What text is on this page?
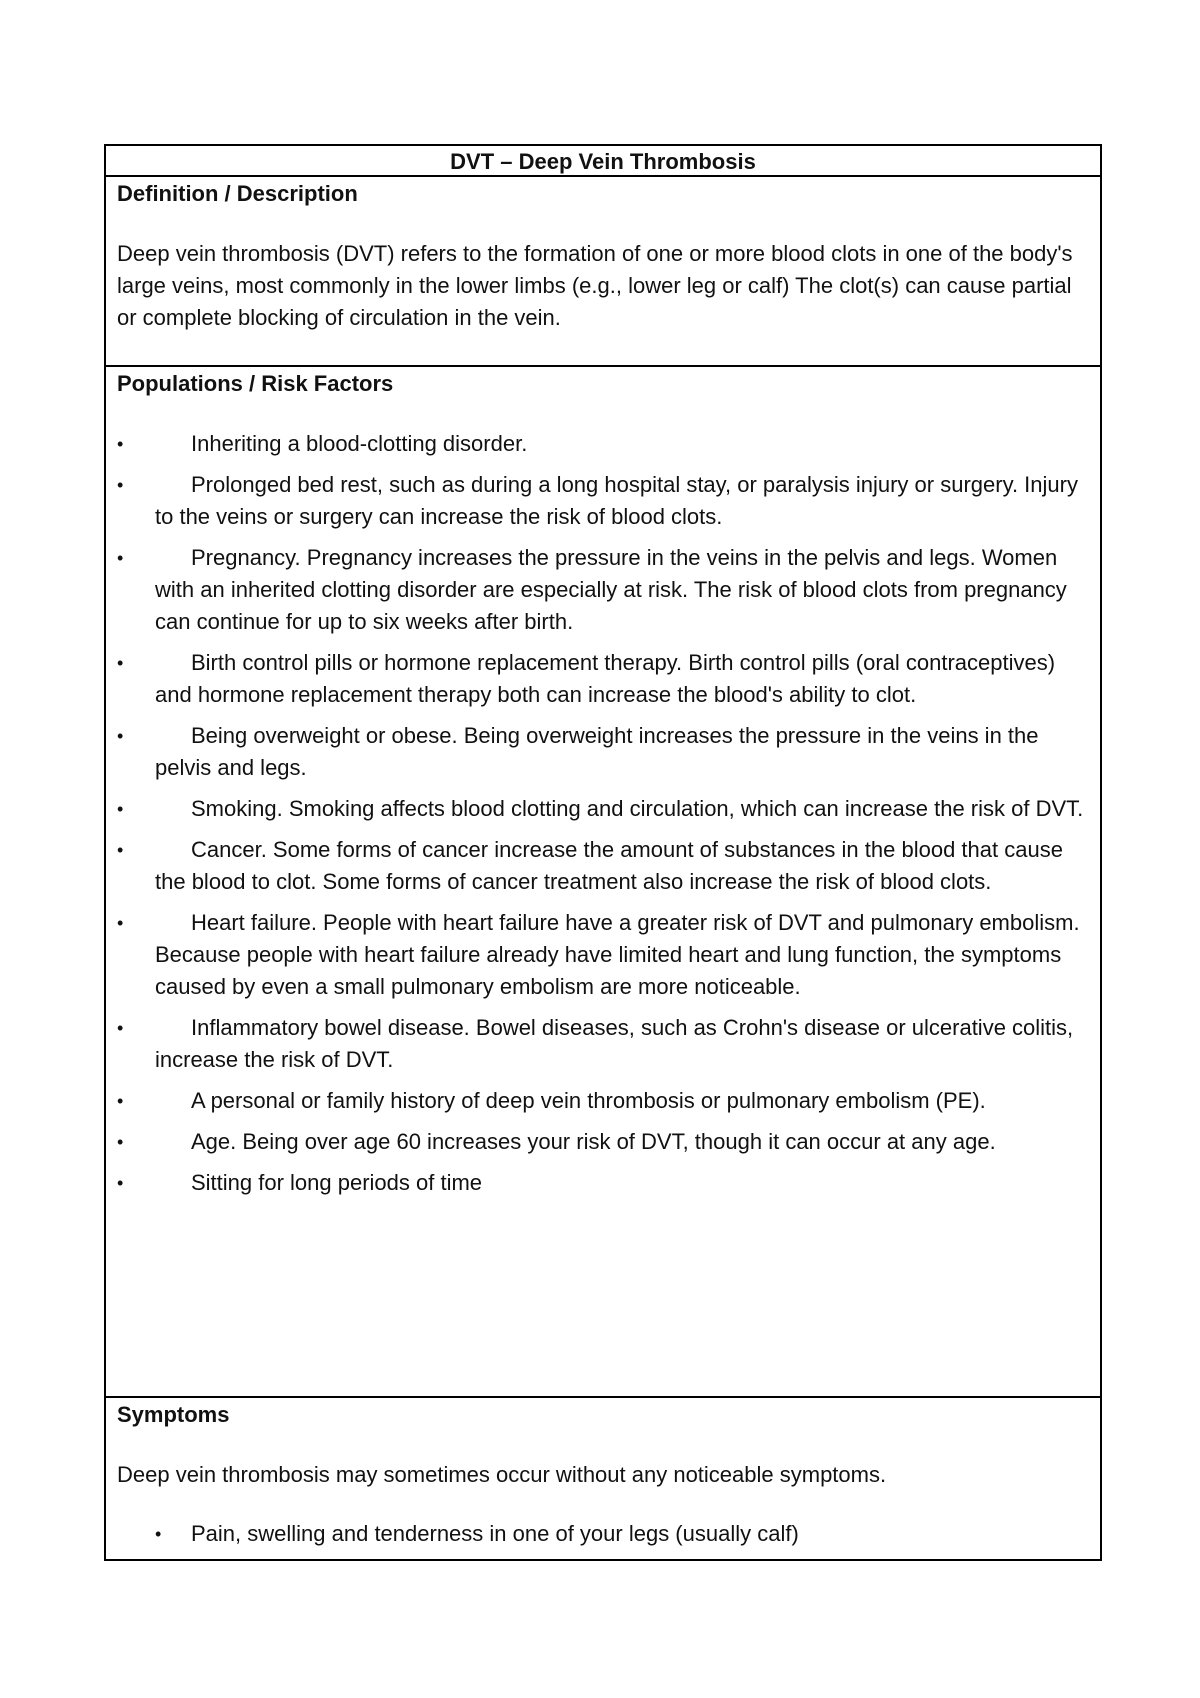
DVT – Deep Vein Thrombosis

Definition / Description

Deep vein thrombosis (DVT) refers to the formation of one or more blood clots in one of the body's large veins, most commonly in the lower limbs (e.g., lower leg or calf) The clot(s) can cause partial or complete blocking of circulation in the vein.

Populations / Risk Factors

•	Inheriting a blood-clotting disorder.
•	Prolonged bed rest, such as during a long hospital stay, or paralysis injury or surgery. Injury to the veins or surgery can increase the risk of blood clots.
•	Pregnancy. Pregnancy increases the pressure in the veins in the pelvis and legs. Women with an inherited clotting disorder are especially at risk. The risk of blood clots from pregnancy can continue for up to six weeks after birth.
•	Birth control pills or hormone replacement therapy. Birth control pills (oral contraceptives) and hormone replacement therapy both can increase the blood's ability to clot.
•	Being overweight or obese. Being overweight increases the pressure in the veins in the pelvis and legs.
•	Smoking. Smoking affects blood clotting and circulation, which can increase the risk of DVT.
•	Cancer. Some forms of cancer increase the amount of substances in the blood that cause the blood to clot. Some forms of cancer treatment also increase the risk of blood clots.
•	Heart failure. People with heart failure have a greater risk of DVT and pulmonary embolism. Because people with heart failure already have limited heart and lung function, the symptoms caused by even a small pulmonary embolism are more noticeable.
•	Inflammatory bowel disease. Bowel diseases, such as Crohn's disease or ulcerative colitis, increase the risk of DVT.
•	A personal or family history of deep vein thrombosis or pulmonary embolism (PE).
•	Age. Being over age 60 increases your risk of DVT, though it can occur at any age.
•	Sitting for long periods of time

Symptoms

Deep vein thrombosis may sometimes occur without any noticeable symptoms.

• Pain, swelling and tenderness in one of your legs (usually calf)
